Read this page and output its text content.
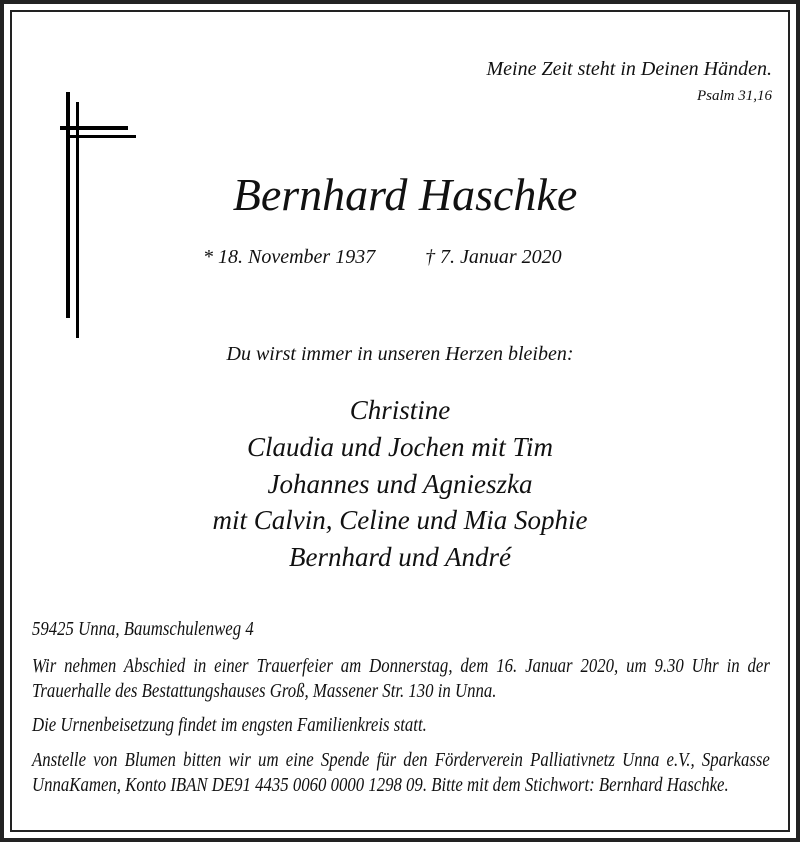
Meine Zeit steht in Deinen Händen.
Psalm 31,16
Bernhard Haschke
* 18. November 1937 † 7. Januar 2020
Du wirst immer in unseren Herzen bleiben:
Christine
Claudia und Jochen mit Tim
Johannes und Agnieszka
mit Calvin, Celine und Mia Sophie
Bernhard und André
59425 Unna, Baumschulenweg 4
Wir nehmen Abschied in einer Trauerfeier am Donnerstag, dem 16. Januar 2020, um 9.30 Uhr in der Trauerhalle des Bestattungshauses Groß, Massener Str. 130 in Unna.
Die Urnenbeisetzung findet im engsten Familienkreis statt.
Anstelle von Blumen bitten wir um eine Spende für den Förderverein Palliativnetz Unna e.V., Sparkasse UnnaKamen, Konto IBAN DE91 4435 0060 0000 1298 09. Bitte mit dem Stichwort: Bernhard Haschke.
